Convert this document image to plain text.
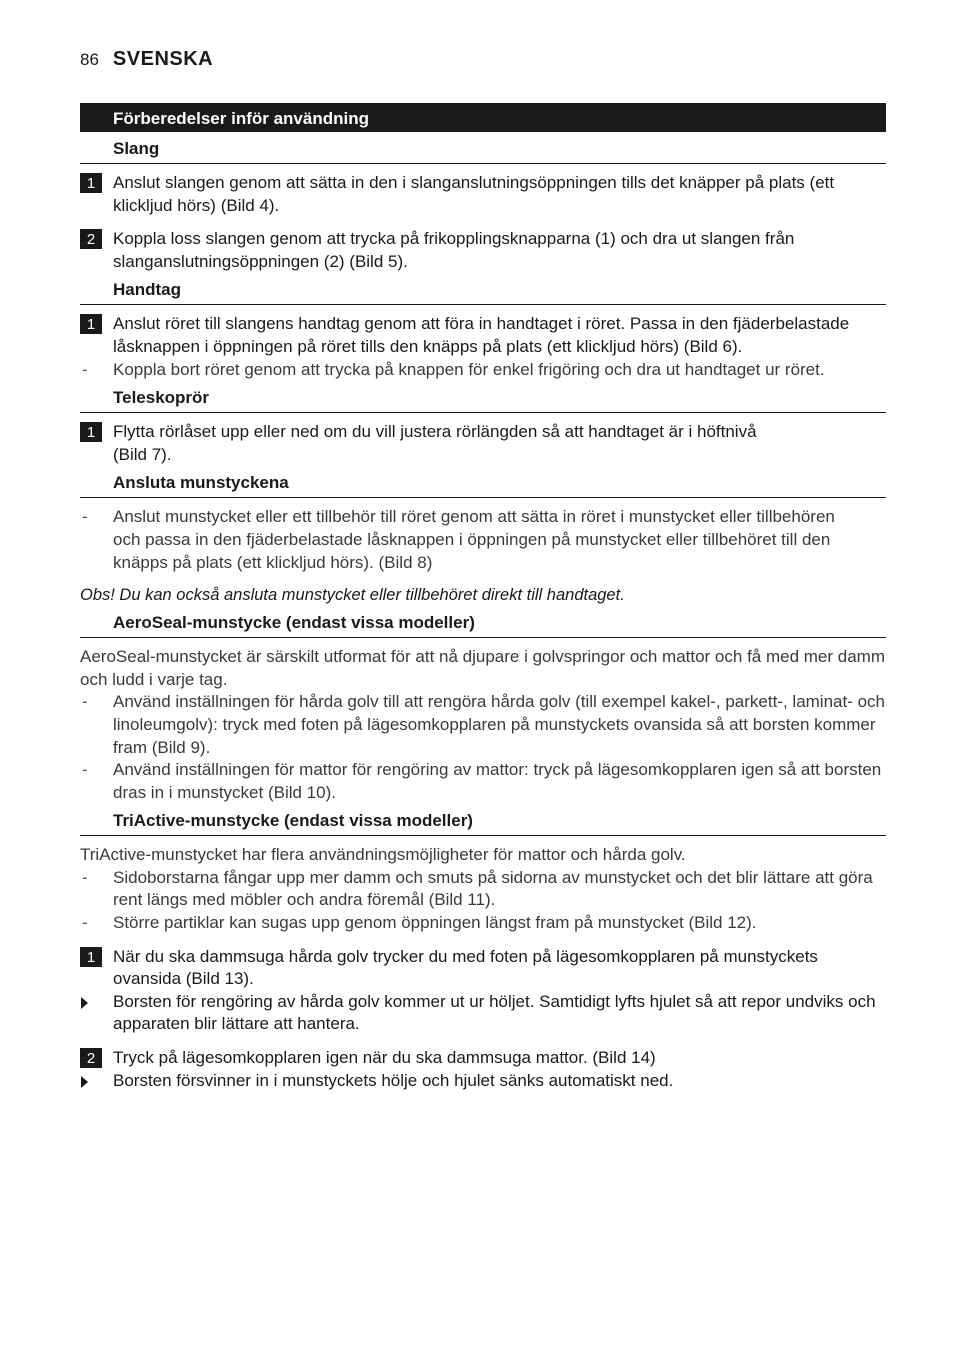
86 SVENSKA
Förberedelser inför användning
Slang
1	Anslut slangen genom att sätta in den i slanganslutningsöppningen tills det knäpper på plats (ett klickljud hörs) (Bild 4).
2	Koppla loss slangen genom att trycka på frikopplingsknapparna (1) och dra ut slangen från slanganslutningsöppningen (2) (Bild 5).
Handtag
1	Anslut röret till slangens handtag genom att föra in handtaget i röret. Passa in den fjäderbelastade låsknappen i öppningen på röret tills den knäpps på plats (ett klickljud hörs) (Bild 6).
- Koppla bort röret genom att trycka på knappen för enkel frigöring och dra ut handtaget ur röret.
Teleskoprör
1	Flytta rörlåset upp eller ned om du vill justera rörlängden så att handtaget är i höftnivå (Bild 7).
Ansluta munstyckena
- Anslut munstycket eller ett tillbehör till röret genom att sätta in röret i munstycket eller tillbehören och passa in den fjäderbelastade låsknappen i öppningen på munstycket eller tillbehöret till den knäpps på plats (ett klickljud hörs). (Bild 8)
Obs! Du kan också ansluta munstycket eller tillbehöret direkt till handtaget.
AeroSeal-munstycke (endast vissa modeller)
AeroSeal-munstycket är särskilt utformat för att nå djupare i golvspringor och mattor och få med mer damm och ludd i varje tag.
- Använd inställningen för hårda golv till att rengöra hårda golv (till exempel kakel-, parkett-, laminat- och linoleumgolv): tryck med foten på lägesomkopplaren på munstyckets ovansida så att borsten kommer fram (Bild 9).
- Använd inställningen för mattor för rengöring av mattor: tryck på lägesomkopplaren igen så att borsten dras in i munstycket (Bild 10).
TriActive-munstycke (endast vissa modeller)
TriActive-munstycket har flera användningsmöjligheter för mattor och hårda golv.
- Sidoborstarna fångar upp mer damm och smuts på sidorna av munstycket och det blir lättare att göra rent längs med möbler och andra föremål (Bild 11).
- Större partiklar kan sugas upp genom öppningen längst fram på munstycket (Bild 12).
1	När du ska dammsuga hårda golv trycker du med foten på lägesomkopplaren på munstyckets ovansida (Bild 13).
Borsten för rengöring av hårda golv kommer ut ur höljet. Samtidigt lyfts hjulet så att repor undviks och apparaten blir lättare att hantera.
2	Tryck på lägesomkopplaren igen när du ska dammsuga mattor. (Bild 14)
Borsten försvinner in i munstyckets hölje och hjulet sänks automatiskt ned.
